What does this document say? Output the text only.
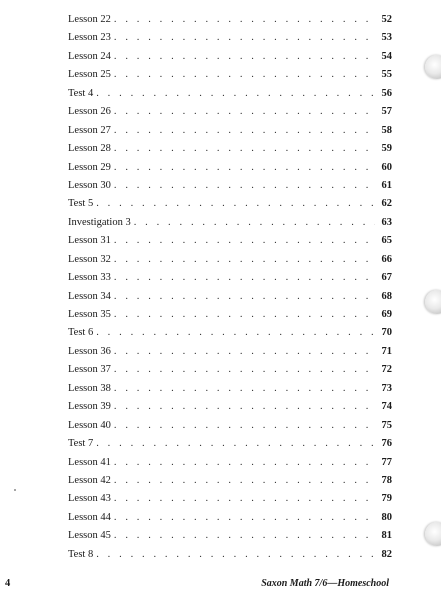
Lesson 22 . . .	52
Lesson 23 . . .	53
Lesson 24 . . .	54
Lesson 25 . . .	55
Test 4 . . .	56
Lesson 26 . . .	57
Lesson 27 . . .	58
Lesson 28 . . .	59
Lesson 29 . . .	60
Lesson 30 . . .	61
Test 5 . . .	62
Investigation 3 . . .	63
Lesson 31 . . .	65
Lesson 32 . . .	66
Lesson 33 . . .	67
Lesson 34 . . .	68
Lesson 35 . . .	69
Test 6 . . .	70
Lesson 36 . . .	71
Lesson 37 . . .	72
Lesson 38 . . .	73
Lesson 39 . . .	74
Lesson 40 . . .	75
Test 7 . . .	76
Lesson 41 . . .	77
Lesson 42 . . .	78
Lesson 43 . . .	79
Lesson 44 . . .	80
Lesson 45 . . .	81
Test 8 . . .	82
4	Saxon Math 7/6—Homeschool
